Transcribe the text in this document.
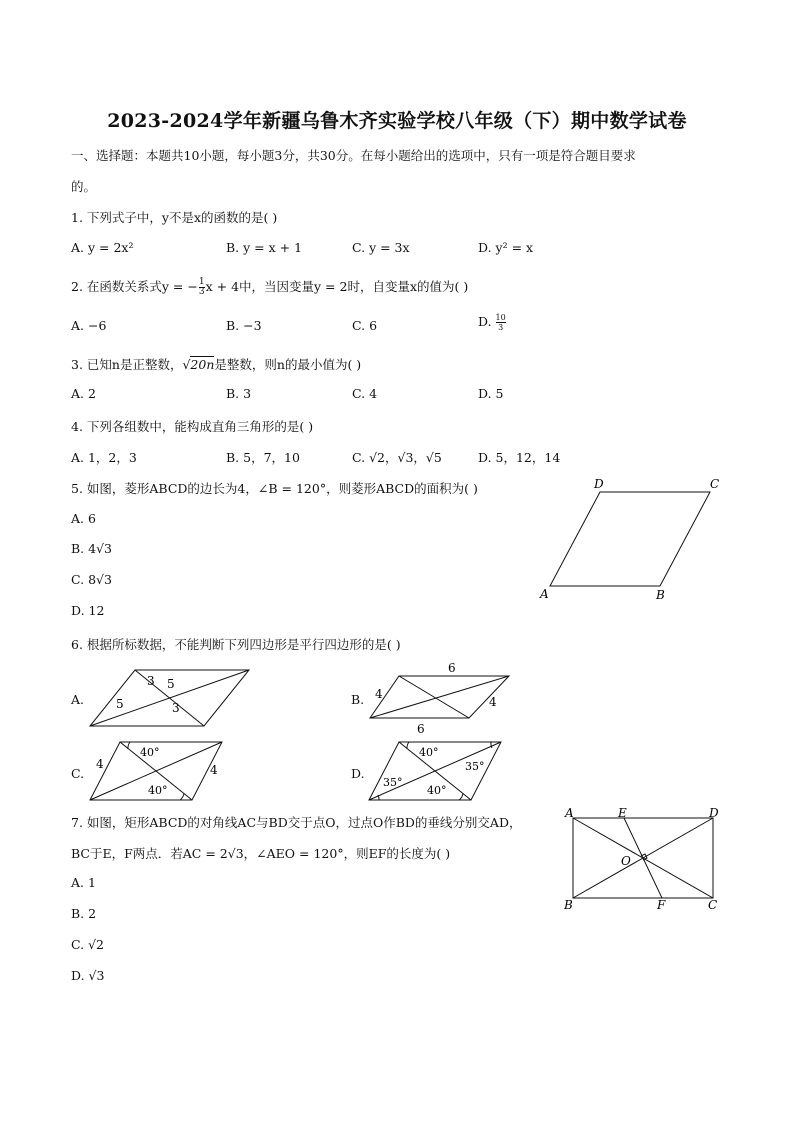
2023-2024学年新疆乌鲁木齐实验学校八年级（下）期中数学试卷
一、选择题：本题共10小题，每小题3分，共30分。在每小题给出的选项中，只有一项是符合题目要求
的。
1. 下列式子中，y不是x的函数的是( )
A. y = 2x²	B. y = x + 1	C. y = 3x	D. y² = x
2. 在函数关系式y = − $\frac{1}{3}$ x + 4中，当因变量y = 2时，自变量x的值为( )
A. −6	B. −3	C. 6	D. $\frac{10}{3}$
3. 已知n是正整数，√20n是整数，则n的最小值为( )
A. 2	B. 3	C. 4	D. 5
4. 下列各组数中，能构成直角三角形的是( )
A. 1，2，3	B. 5，7，10	C. √2，√3，√5	D. 5，12，14
5. 如图，菱形ABCD的边长为4，∠B = 120°，则菱形ABCD的面积为( )
A. 6
B. 4√3
C. 8√3
D. 12
A	B
C
D
6. 根据所标数据，不能判断下列四边形是平行四边形的是( )
A.
3 5
5	3
B.
6
6
4
4
C.
40°
40°
4	4	D.
40°
40°
35°
35°
7. 如图，矩形ABCD的对角线AC与BD交于点O，过点O作BD的垂线分别交AD，
BC于E，F两点．若AC = 2√3，∠AEO = 120°，则EF的长度为( )
A. 1
B. 2
C. √2
D. √3
A	E	D
O
B	F	C
